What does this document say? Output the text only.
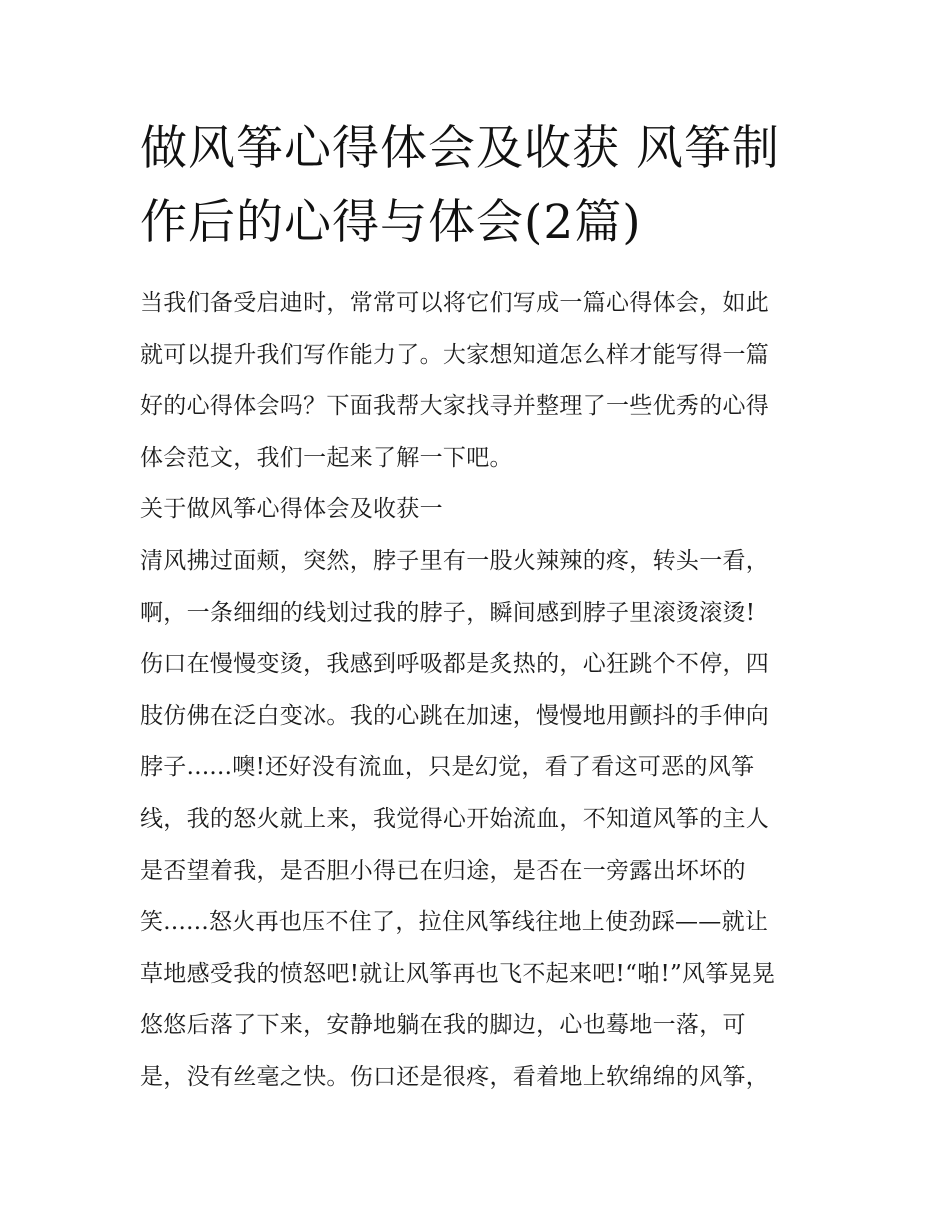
做风筝心得体会及收获 风筝制
作后的心得与体会(2篇)
当我们备受启迪时，常常可以将它们写成一篇心得体会，如此
就可以提升我们写作能力了。大家想知道怎么样才能写得一篇
好的心得体会吗？下面我帮大家找寻并整理了一些优秀的心得
体会范文，我们一起来了解一下吧。
关于做风筝心得体会及收获一
清风拂过面颊，突然，脖子里有一股火辣辣的疼，转头一看，
啊，一条细细的线划过我的脖子，瞬间感到脖子里滚烫滚烫!
伤口在慢慢变烫，我感到呼吸都是炙热的，心狂跳个不停，四
肢仿佛在泛白变冰。我的心跳在加速，慢慢地用颤抖的手伸向
脖子......噢!还好没有流血，只是幻觉，看了看这可恶的风筝
线，我的怒火就上来，我觉得心开始流血，不知道风筝的主人
是否望着我，是否胆小得已在归途，是否在一旁露出坏坏的
笑......怒火再也压不住了，拉住风筝线往地上使劲踩——就让
草地感受我的愤怒吧!就让风筝再也飞不起来吧!“啪!”风筝晃晃
悠悠后落了下来，安静地躺在我的脚边，心也蓦地一落，可
是，没有丝毫之快。伤口还是很疼，看着地上软绵绵的风筝，
